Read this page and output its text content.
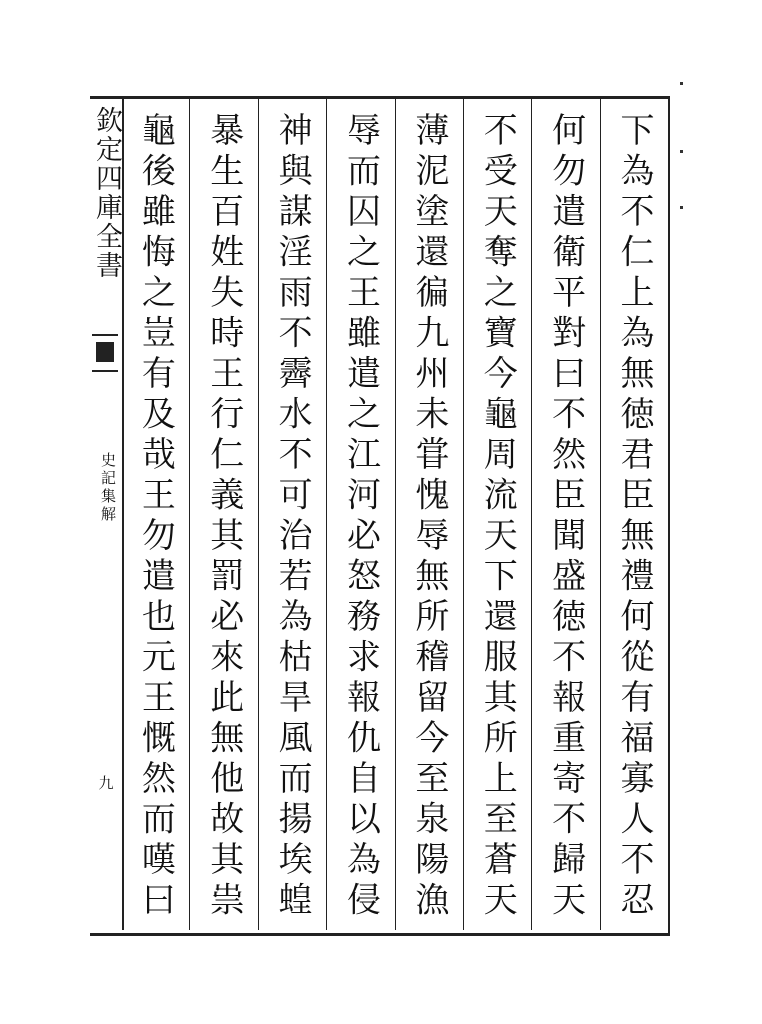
欽定四庫全書
史記集解
九
下為不仁上為無徳君臣無禮何從有福寡人不忍
何勿遣衛平對曰不然臣聞盛徳不報重寄不歸天
不受天奪之寶今龜周流天下還服其所上至蒼天
薄泥塗還徧九州未甞愧辱無所稽留今至泉陽漁
辱而囚之王雖遣之江河必怒務求報仇自以為侵
神與謀淫雨不霽水不可治若為枯旱風而揚埃蝗
暴生百姓失時王行仁義其罰必來此無他故其祟
龜後雖悔之豈有及哉王勿遣也元王慨然而嘆曰
